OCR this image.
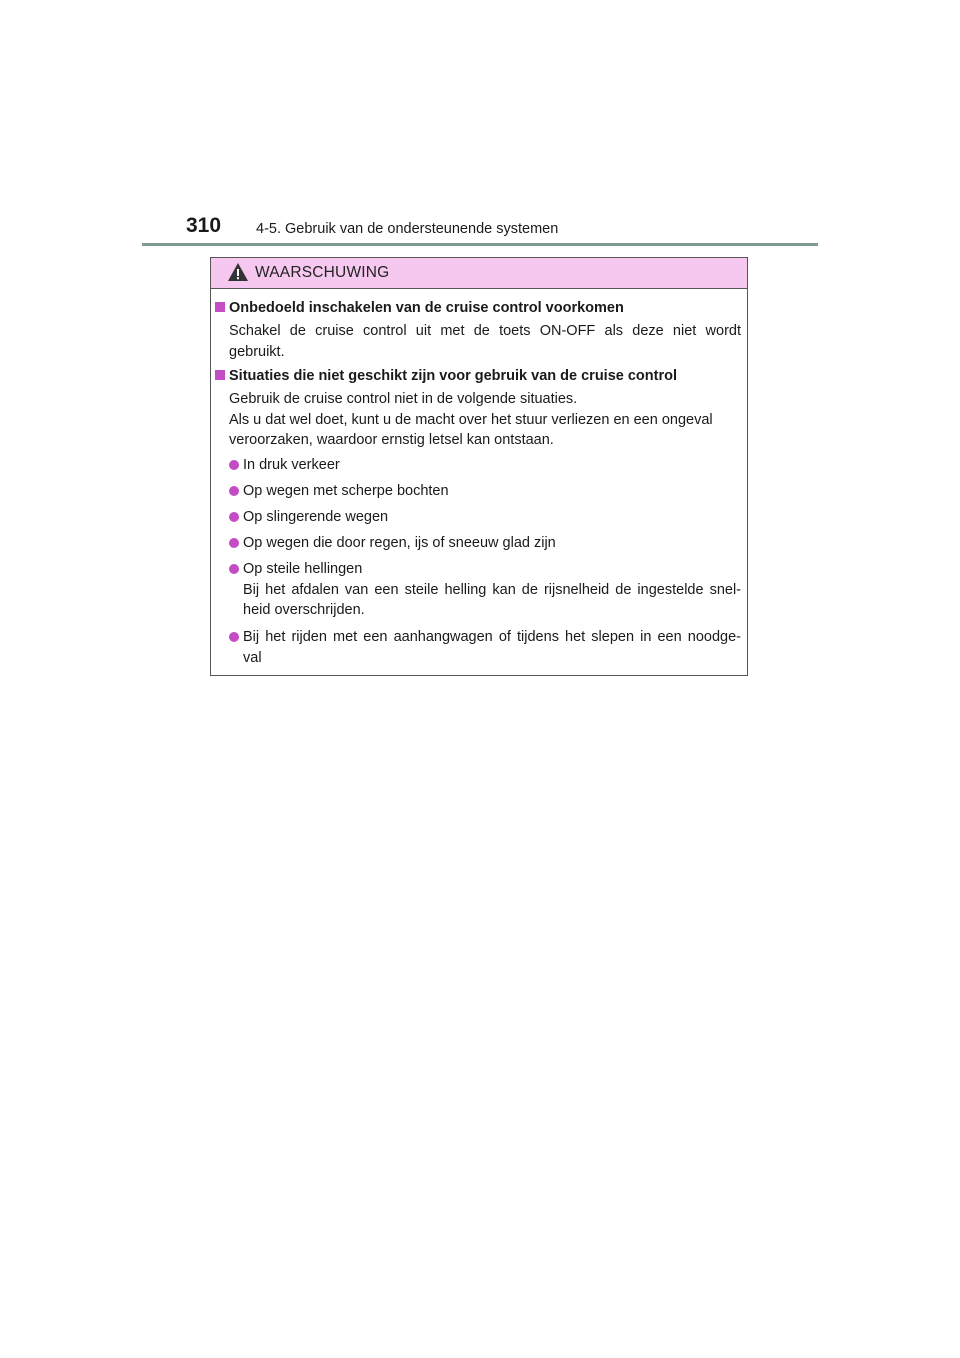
310 4-5. Gebruik van de ondersteunende systemen
WAARSCHUWING
Onbedoeld inschakelen van de cruise control voorkomen
Schakel de cruise control uit met de toets ON-OFF als deze niet wordt
gebruikt.
Situaties die niet geschikt zijn voor gebruik van de cruise control
Gebruik de cruise control niet in de volgende situaties.
Als u dat wel doet, kunt u de macht over het stuur verliezen en een ongeval
veroorzaken, waardoor ernstig letsel kan ontstaan.
In druk verkeer
Op wegen met scherpe bochten
Op slingerende wegen
Op wegen die door regen, ijs of sneeuw glad zijn
Op steile hellingen
Bij het afdalen van een steile helling kan de rijsnelheid de ingestelde snel-
heid overschrijden.
Bij het rijden met een aanhangwagen of tijdens het slepen in een noodge-
val
